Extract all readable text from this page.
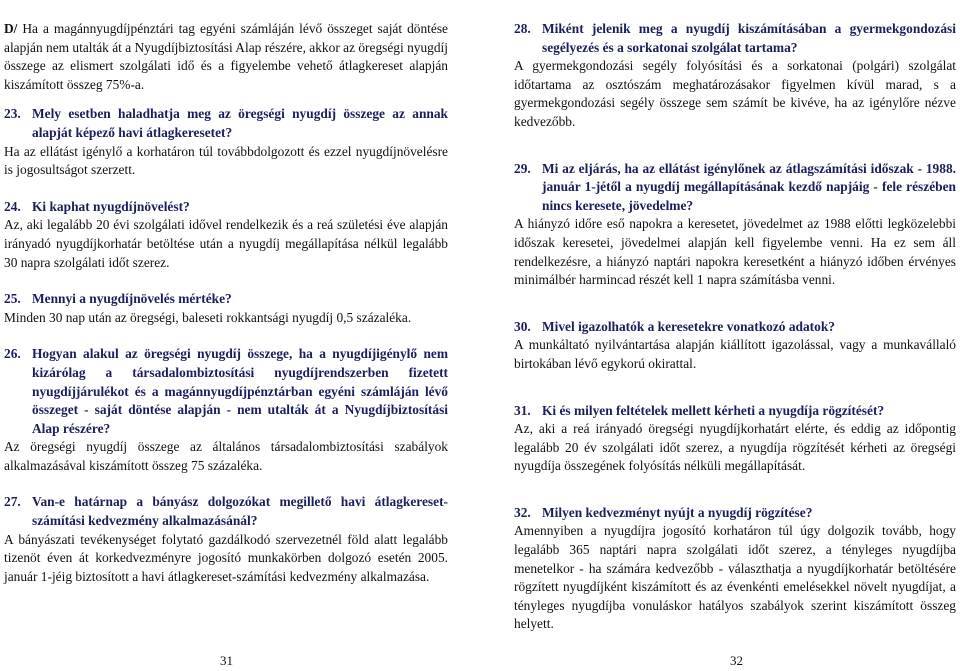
D/ Ha a magánnyugdíjpénztári tag egyéni számláján lévő összeget saját döntése alapján nem utalták át a Nyugdíjbiztosítási Alap részére, akkor az öregségi nyugdíj összege az elismert szolgálati idő és a figyelembe vehető átlagkereset alapján kiszámított összeg 75%-a.

23. Mely esetben haladhatja meg az öregségi nyugdíj összege az annak alapját képező havi átlagkeresetet?

Ha az ellátást igénylő a korhatáron túl továbbdolgozott és ezzel nyugdíjnövelésre is jogosultságot szerzett.

24. Ki kaphat nyugdíjnövelést?

Az, aki legalább 20 évi szolgálati idővel rendelkezik és a reá születési éve alapján irányadó nyugdíjkorhatár betöltése után a nyugdíj megállapítása nélkül legalább 30 napra szolgálati időt szerez.

25. Mennyi a nyugdíjnövelés mértéke?

Minden 30 nap után az öregségi, baleseti rokkantsági nyugdíj 0,5 százaléka.

26. Hogyan alakul az öregségi nyugdíj összege, ha a nyugdíjigénylő nem kizárólag a társadalombiztosítási nyugdíjrendszerben fizetett nyugdíjjárulékot és a magánnyugdíjpénztárban egyéni számláján lévő összeget - saját döntése alapján - nem utalták át a Nyugdíjbiztosítási Alap részére?

Az öregségi nyugdíj összege az általános társadalombiztosítási szabályok alkalmazásával kiszámított összeg 75 százaléka.

27. Van-e határnap a bányász dolgozókat megillető havi átlagkereset-számítási kedvezmény alkalmazásánál?

A bányászati tevékenységet folytató gazdálkodó szervezetnél föld alatt legalább tizenöt éven át korkedvezményre jogosító munkakörben dolgozó esetén 2005. január 1-jéig biztosított a havi átlagkereset-számítási kedvezmény alkalmazása.

28. Miként jelenik meg a nyugdíj kiszámításában a gyermekgondozási segélyezés és a sorkatonai szolgálat tartama?

A gyermekgondozási segély folyósítási és a sorkatonai (polgári) szolgálat időtartama az osztószám meghatározásakor figyelmen kívül marad, s a gyermekgondozási segély összege sem számít be kivéve, ha az igénylőre nézve kedvezőbb.

29. Mi az eljárás, ha az ellátást igénylőnek az átlagszámítási időszak - 1988. január 1-jétől a nyugdíj megállapításának kezdő napjáig - fele részében nincs keresete, jövedelme?

A hiányzó időre eső napokra a keresetet, jövedelmet az 1988 előtti legközelebbi időszak keresetei, jövedelmei alapján kell figyelembe venni. Ha ez sem áll rendelkezésre, a hiányzó naptári napokra keresetként a hiányzó időben érvényes minimálbér harmincad részét kell 1 napra számításba venni.

30. Mivel igazolhatók a keresetekre vonatkozó adatok?

A munkáltató nyilvántartása alapján kiállított igazolással, vagy a munkavállaló birtokában lévő egykorú okirattal.

31. Ki és milyen feltételek mellett kérheti a nyugdíja rögzítését?

Az, aki a reá irányadó öregségi nyugdíjkorhatárt elérte, és eddig az időpontig legalább 20 év szolgálati időt szerez, a nyugdíja rögzítését kérheti az öregségi nyugdíja összegének folyósítás nélküli megállapítását.

32. Milyen kedvezményt nyújt a nyugdíj rögzítése?

Amennyiben a nyugdíjra jogosító korhatáron túl úgy dolgozik tovább, hogy legalább 365 naptári napra szolgálati időt szerez, a tényleges nyugdíjba menetelkor - ha számára kedvezőbb - választhatja a nyugdíjkorhatár betöltésére rögzített nyugdíjként kiszámított és az évenkénti emelésekkel növelt nyugdíjat, a tényleges nyugdíjba vonuláskor hatályos szabályok szerint kiszámított összeg helyett.

31	32
